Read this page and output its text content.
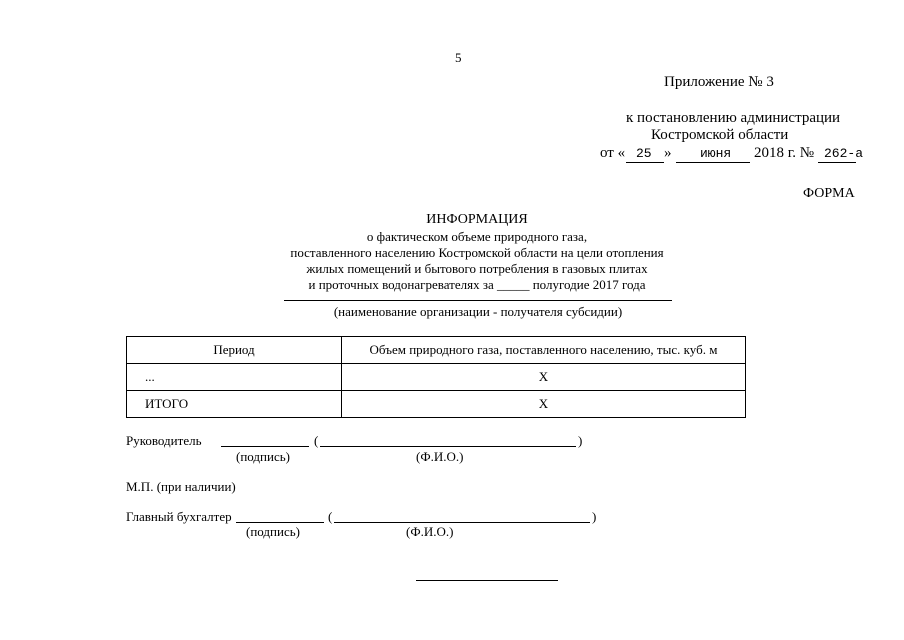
5
Приложение № 3
к постановлению администрации
Костромской области
от « 25 » июня 2018 г. № 262-а
ФОРМА
ИНФОРМАЦИЯ
о фактическом объеме природного газа,
поставленного населению Костромской области на цели отопления
жилых помещений и бытового потребления в газовых плитах
и проточных водонагревателях за _____ полугодие 2017 года
(наименование организации - получателя субсидии)
Период	Объем природного газа, поставленного населению, тыс. куб. м
...	X
ИТОГО	X
Руководитель	(	)
(подпись)	(Ф.И.О.)
М.П. (при наличии)
Главный бухгалтер	(	)
(подпись)	(Ф.И.О.)
